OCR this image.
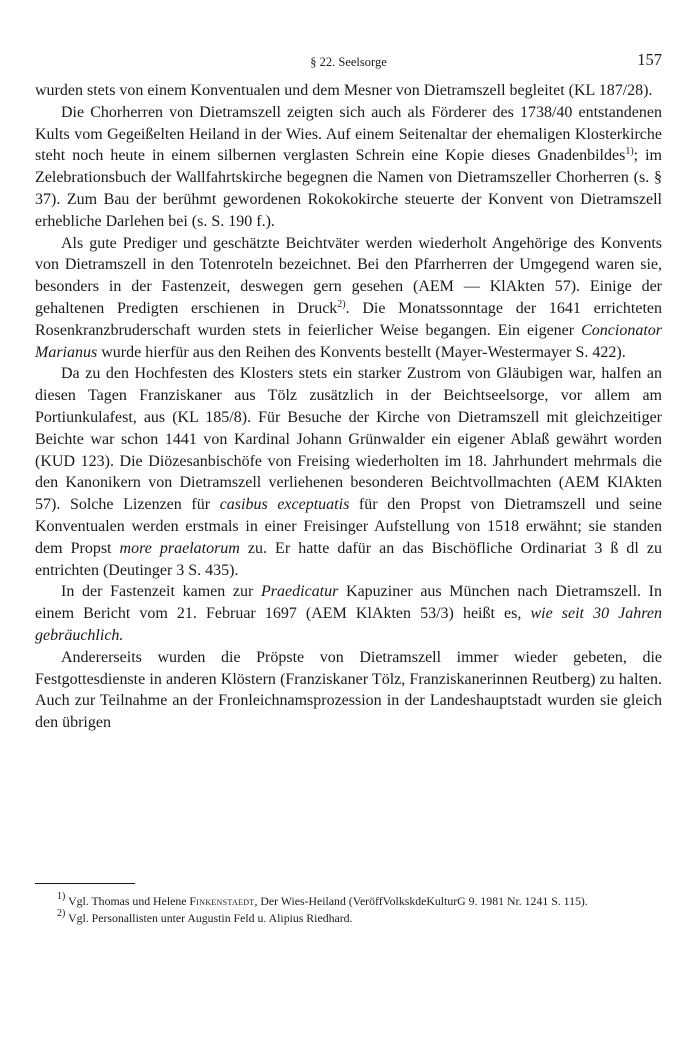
§ 22. Seelsorge	157

wurden stets von einem Konventualen und dem Mesner von Dietramszell begleitet (KL 187/28).

Die Chorherren von Dietramszell zeigten sich auch als Förderer des 1738/40 entstandenen Kults vom Gegeißelten Heiland in der Wies. Auf einem Seitenaltar der ehemaligen Klosterkirche steht noch heute in einem silbernen verglasten Schrein eine Kopie dieses Gnadenbildes$^{1)}$; im Zelebrationsbuch der Wallfahrtskirche begegnen die Namen von Dietramszeller Chorherren (s. § 37). Zum Bau der berühmt gewordenen Rokokokirche steuerte der Konvent von Dietramszell erhebliche Darlehen bei (s. S. 190 f.).

Als gute Prediger und geschätzte Beichtväter werden wiederholt Angehörige des Konvents von Dietramszell in den Totenroteln bezeichnet. Bei den Pfarrherren der Umgegend waren sie, besonders in der Fastenzeit, deswegen gern gesehen (AEM — KlAkten 57). Einige der gehaltenen Predigten erschienen in Druck$^{2)}$. Die Monatssonntage der 1641 errichteten Rosenkranzbruderschaft wurden stets in feierlicher Weise begangen. Ein eigener Concionator Marianus wurde hierfür aus den Reihen des Konvents bestellt (Mayer-Westermayer S. 422).

Da zu den Hochfesten des Klosters stets ein starker Zustrom von Gläubigen war, halfen an diesen Tagen Franziskaner aus Tölz zusätzlich in der Beichtseelsorge, vor allem am Portiunkulafest, aus (KL 185/8). Für Besuche der Kirche von Dietramszell mit gleichzeitiger Beichte war schon 1441 von Kardinal Johann Grünwalder ein eigener Ablaß gewährt worden (KUD 123). Die Diözesanbischöfe von Freising wiederholten im 18. Jahrhundert mehrmals die den Kanonikern von Dietramszell verliehenen besonderen Beichtvollmachten (AEM KlAkten 57). Solche Lizenzen für casibus exceptuatis für den Propst von Dietramszell und seine Konventualen werden erstmals in einer Freisinger Aufstellung von 1518 erwähnt; sie standen dem Propst more praelatorum zu. Er hatte dafür an das Bischöfliche Ordinariat 3 ß dl zu entrichten (Deutinger 3 S. 435).

In der Fastenzeit kamen zur Praedicatur Kapuziner aus München nach Dietramszell. In einem Bericht vom 21. Februar 1697 (AEM KlAkten 53/3) heißt es, wie seit 30 Jahren gebräuchlich.

Andererseits wurden die Pröpste von Dietramszell immer wieder gebeten, die Festgottesdienste in anderen Klöstern (Franziskaner Tölz, Franziskanerinnen Reutberg) zu halten. Auch zur Teilnahme an der Fronleichnamsprozession in der Landeshauptstadt wurden sie gleich den übrigen

$^{1)}$ Vgl. Thomas und Helene Finkenstaedt, Der Wies-Heiland (VeröffVolkskdeKulturG 9. 1981 Nr. 1241 S. 115).

$^{2)}$ Vgl. Personallisten unter Augustin Feld u. Alipius Riedhard.
